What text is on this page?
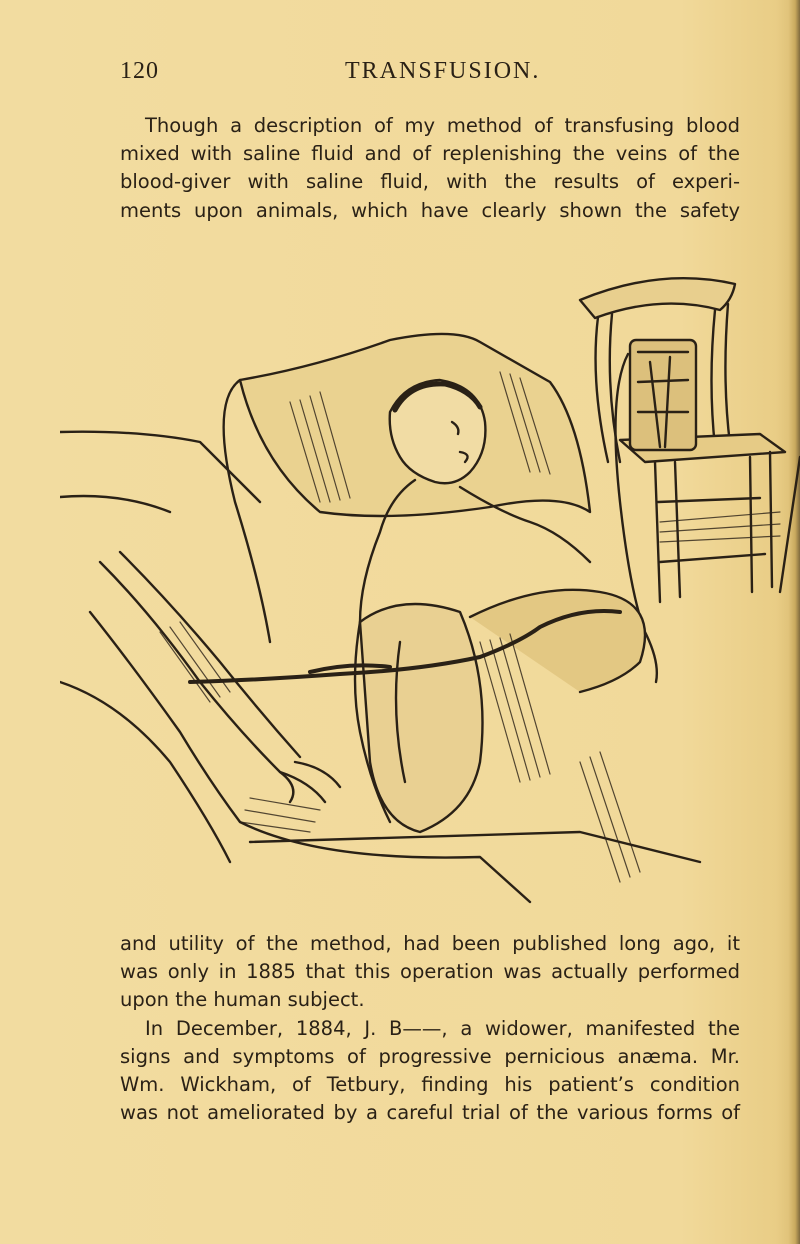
120	TRANSFUSION.
Though a description of my method of transfusing blood
mixed with saline fluid and of replenishing the veins of the
blood-giver with saline fluid, with the results of experi-
ments upon animals, which have clearly shown the safety
and utility of the method, had been published long ago, it
was only in 1885 that this operation was actually performed
upon the human subject.
In December, 1884, J. B——, a widower, manifested the
signs and symptoms of progressive pernicious anæma. Mr.
Wm. Wickham, of Tetbury, finding his patient’s condition
was not ameliorated by a careful trial of the various forms of
